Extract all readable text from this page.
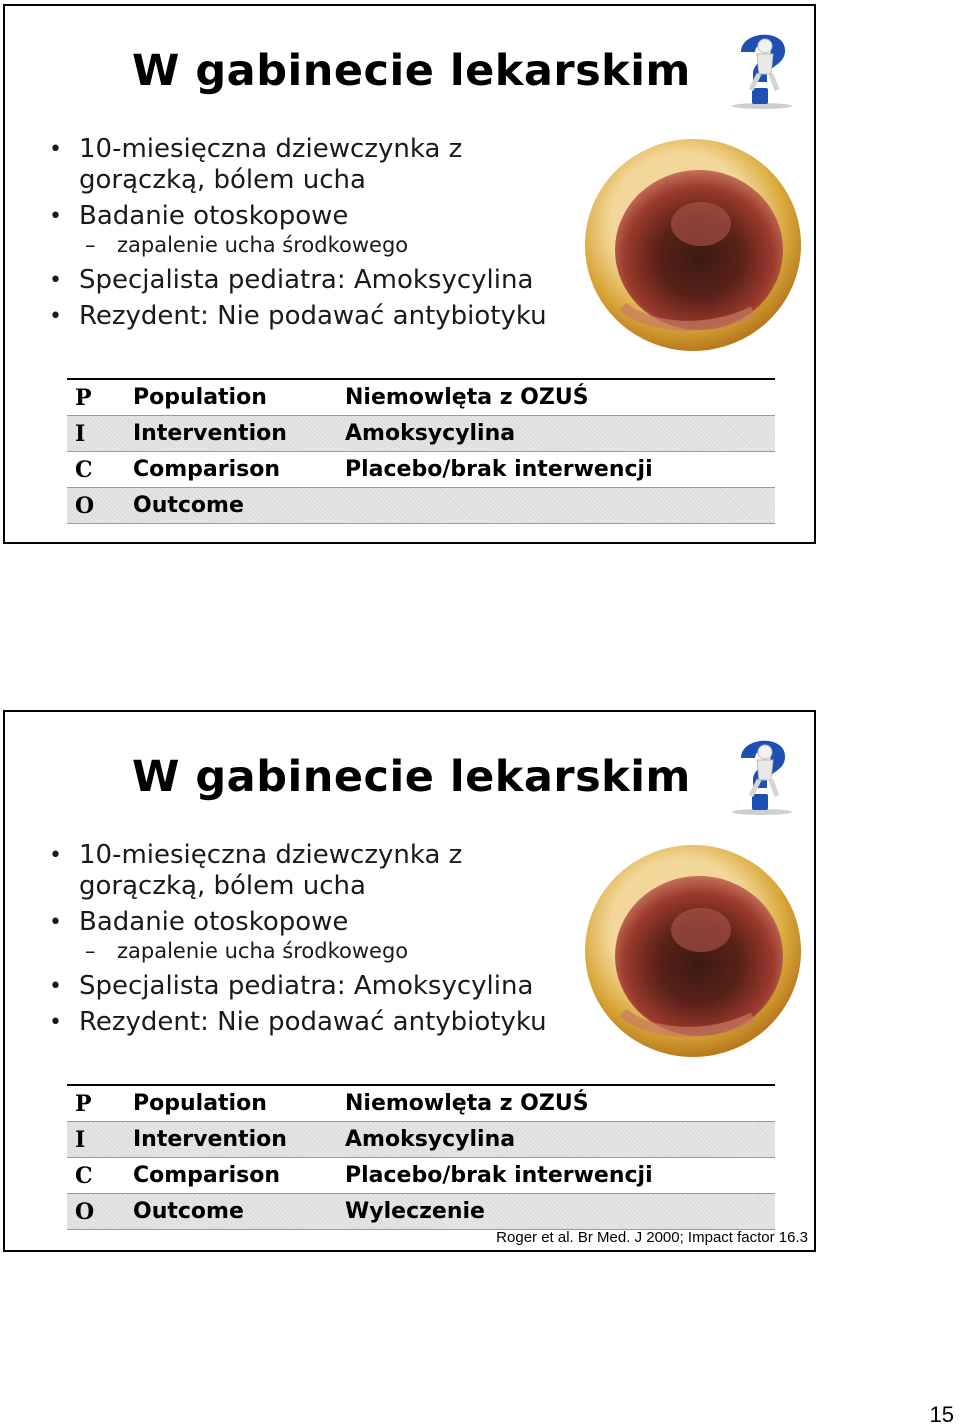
W gabinecie lekarskim
• 10-miesięczna dziewczynka z
gorączką, bólem ucha
• Badanie otoskopowe
– zapalenie ucha środkowego
• Specjalista pediatra: Amoksycylina
• Rezydent: Nie podawać antybiotyku
P	Population	Niemowlęta z OZUŚ
I	Intervention	Amoksycylina
C	Comparison	Placebo/brak interwencji
O	Outcome
W gabinecie lekarskim
• 10-miesięczna dziewczynka z
gorączką, bólem ucha
• Badanie otoskopowe
– zapalenie ucha środkowego
• Specjalista pediatra: Amoksycylina
• Rezydent: Nie podawać antybiotyku
P	Population	Niemowlęta z OZUŚ
I	Intervention	Amoksycylina
C	Comparison	Placebo/brak interwencji
O	Outcome	Wyleczenie
Roger et al. Br Med. J 2000; Impact factor 16.3
15
